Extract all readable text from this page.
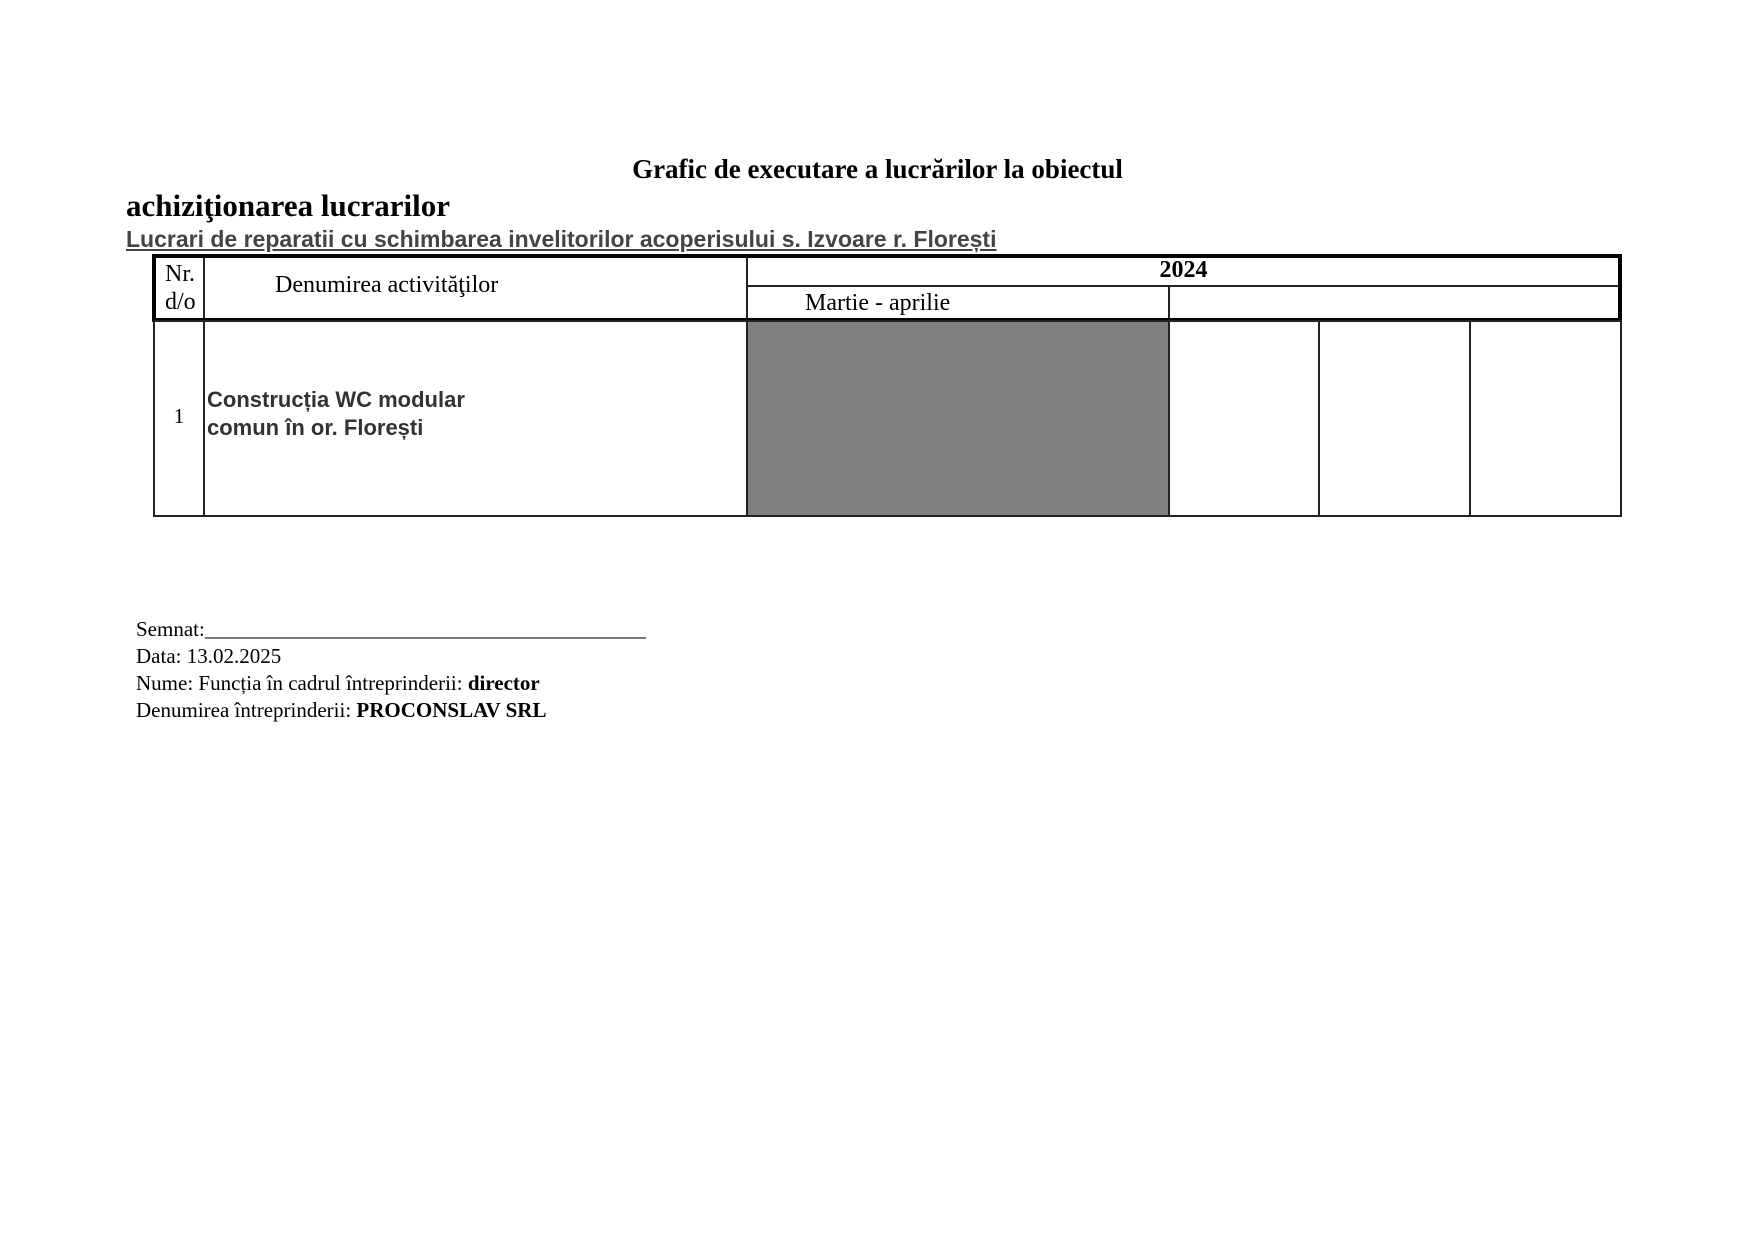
Grafic de executare a lucrărilor la obiectul
achiziţionarea lucrarilor
Lucrari de reparatii cu schimbarea invelitorilor acoperisului s. Izvoare r. Florești
Nr.
d/o
Denumirea activităţilor
2024
Martie - aprilie
1
Construcția WC modular
comun în or. Florești
Semnat:__________________________________________
Data: 13.02.2025
Nume: Funcția în cadrul întreprinderii: director
Denumirea întreprinderii: PROCONSLAV SRL
